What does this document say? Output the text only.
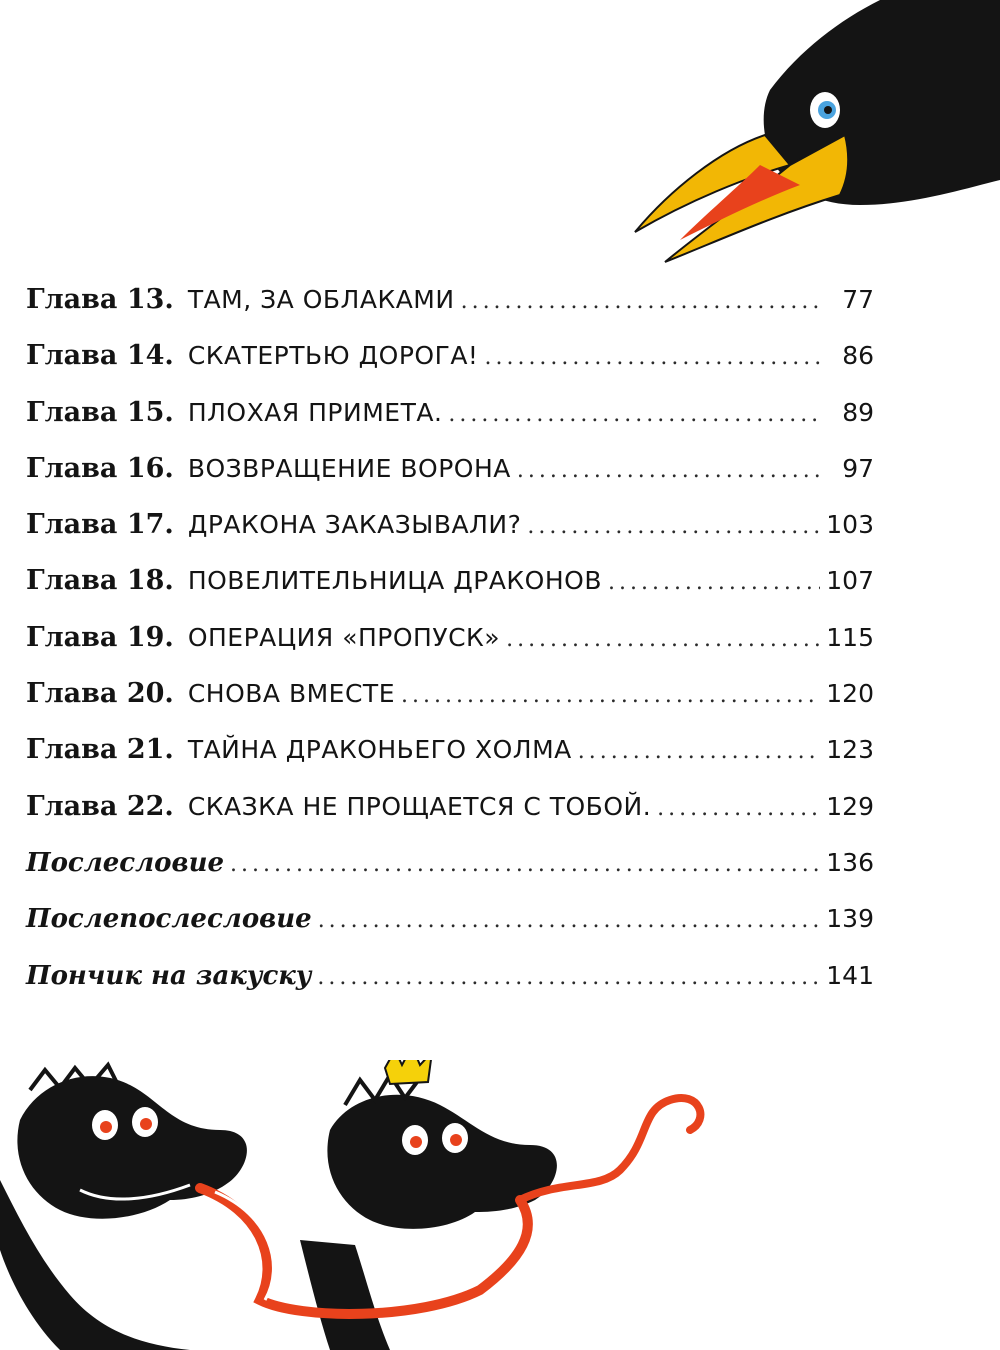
Глава 13. ТАМ, ЗА ОБЛАКАМИ .....	77
Глава 14. СКАТЕРТЬЮ ДОРОГА! .....	86
Глава 15. ПЛОХАЯ ПРИМЕТА. .....	89
Глава 16. ВОЗВРАЩЕНИЕ ВОРОНА .....	97
Глава 17. ДРАКОНА ЗАКАЗЫВАЛИ? .....	103
Глава 18. ПОВЕЛИТЕЛЬНИЦА ДРАКОНОВ .....	107
Глава 19. ОПЕРАЦИЯ «ПРОПУСК» .....	115
Глава 20. СНОВА ВМЕСТЕ .....	120
Глава 21. ТАЙНА ДРАКОНЬЕГО ХОЛМА .....	123
Глава 22. СКАЗКА НЕ ПРОЩАЕТСЯ С ТОБОЙ. .....	129
Послесловие .....	136
Послепослесловие .....	139
Пончик на закуску .....	141
